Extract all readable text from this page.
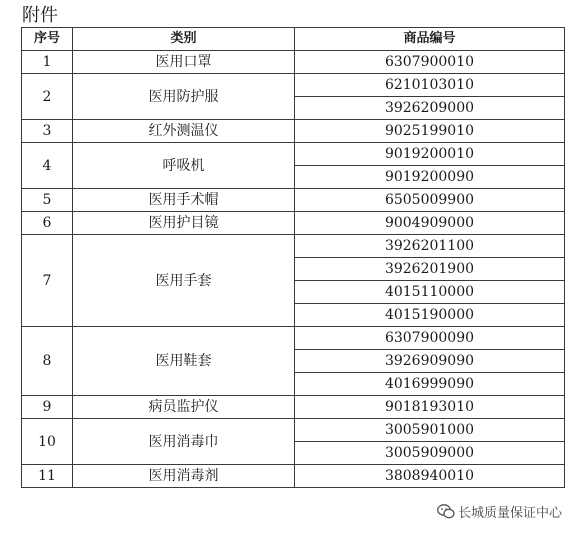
附件
序号	类别	商品编号
1	医用口罩	6307900010
2	医用防护服	6210103010
		3926209000
3	红外测温仪	9025199010
4	呼吸机	9019200010
		9019200090
5	医用手术帽	6505009900
6	医用护目镜	9004909000
7	医用手套	3926201100
		3926201900
		4015110000
		4015190000
8	医用鞋套	6307900090
		3926909090
		4016999090
9	病员监护仪	9018193010
10	医用消毒巾	3005901000
		3005909000
11	医用消毒剂	3808940010
长城质量保证中心
